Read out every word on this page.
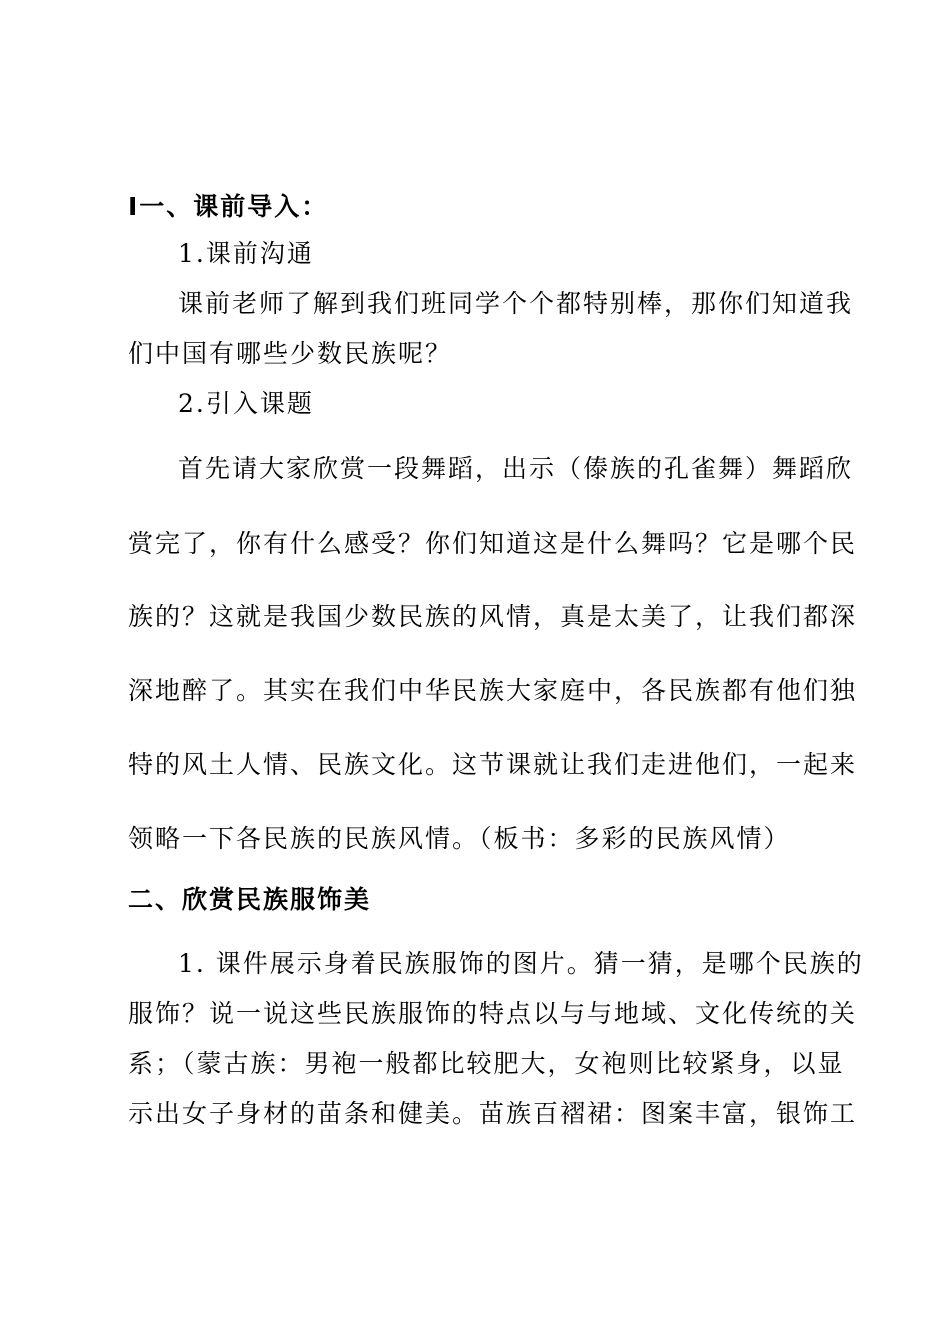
Ⅰ一、课前导入：
1.课前沟通
课前老师了解到我们班同学个个都特别棒，那你们知道我
们中国有哪些少数民族呢？
2.引入课题
首先请大家欣赏一段舞蹈，出示（傣族的孔雀舞）舞蹈欣
赏完了，你有什么感受？你们知道这是什么舞吗？它是哪个民
族的？这就是我国少数民族的风情，真是太美了，让我们都深
深地醉了。其实在我们中华民族大家庭中，各民族都有他们独
特的风土人情、民族文化。这节课就让我们走进他们，一起来
领略一下各民族的民族风情。（板书：多彩的民族风情）
二、欣赏民族服饰美
1. 课件展示身着民族服饰的图片。猜一猜，是哪个民族的
服饰？说一说这些民族服饰的特点以与与地域、文化传统的关
系；（蒙古族：男袍一般都比较肥大，女袍则比较紧身，以显
示出女子身材的苗条和健美。苗族百褶裙：图案丰富，银饰工
